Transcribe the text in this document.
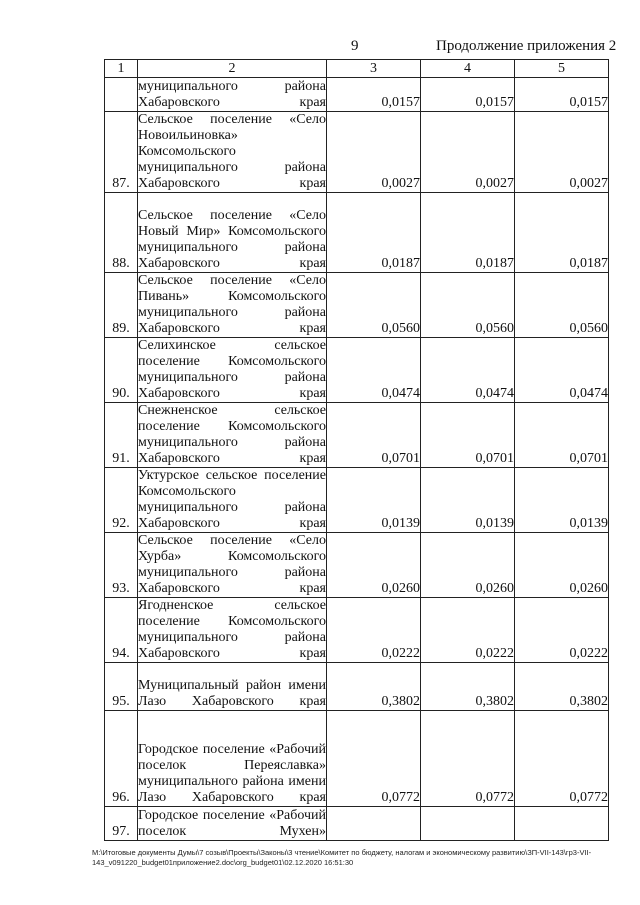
9	Продолжение приложения 2
1	2	3	4	5
	муниципального района Хабаровского края	0,0157	0,0157	0,0157
87.	Сельское поселение «Село Новоильиновка» Комсомольского муниципального района Хабаровского края	0,0027	0,0027	0,0027
88.	Сельское поселение «Село Новый Мир» Комсомольского муниципального района Хабаровского края	0,0187	0,0187	0,0187
89.	Сельское поселение «Село Пивань» Комсомольского муниципального района Хабаровского края	0,0560	0,0560	0,0560
90.	Селихинское сельское поселение Комсомольского муниципального района Хабаровского края	0,0474	0,0474	0,0474
91.	Снежненское сельское поселение Комсомольского муниципального района Хабаровского края	0,0701	0,0701	0,0701
92.	Уктурское сельское поселение Комсомольского муниципального района Хабаровского края	0,0139	0,0139	0,0139
93.	Сельское поселение «Село Хурба» Комсомольского муниципального района Хабаровского края	0,0260	0,0260	0,0260
94.	Ягодненское сельское поселение Комсомольского муниципального района Хабаровского края	0,0222	0,0222	0,0222
95.	Муниципальный район имени Лазо Хабаровского края	0,3802	0,3802	0,3802
96.	Городское поселение «Рабочий поселок Переяславка» муниципального района имени Лазо Хабаровского края	0,0772	0,0772	0,0772
97.	Городское поселение «Рабочий поселок Мухен»			
M:\Итоговые документы Думы\7 созыв\Проекты\Законы\3 чтение\Комитет по бюджету, налогам и экономическому развитию\ЗП-VII-143\гр3-VII-143_v091220_budget01приложение2.doc\org_budget01\02.12.2020 16:51:30
